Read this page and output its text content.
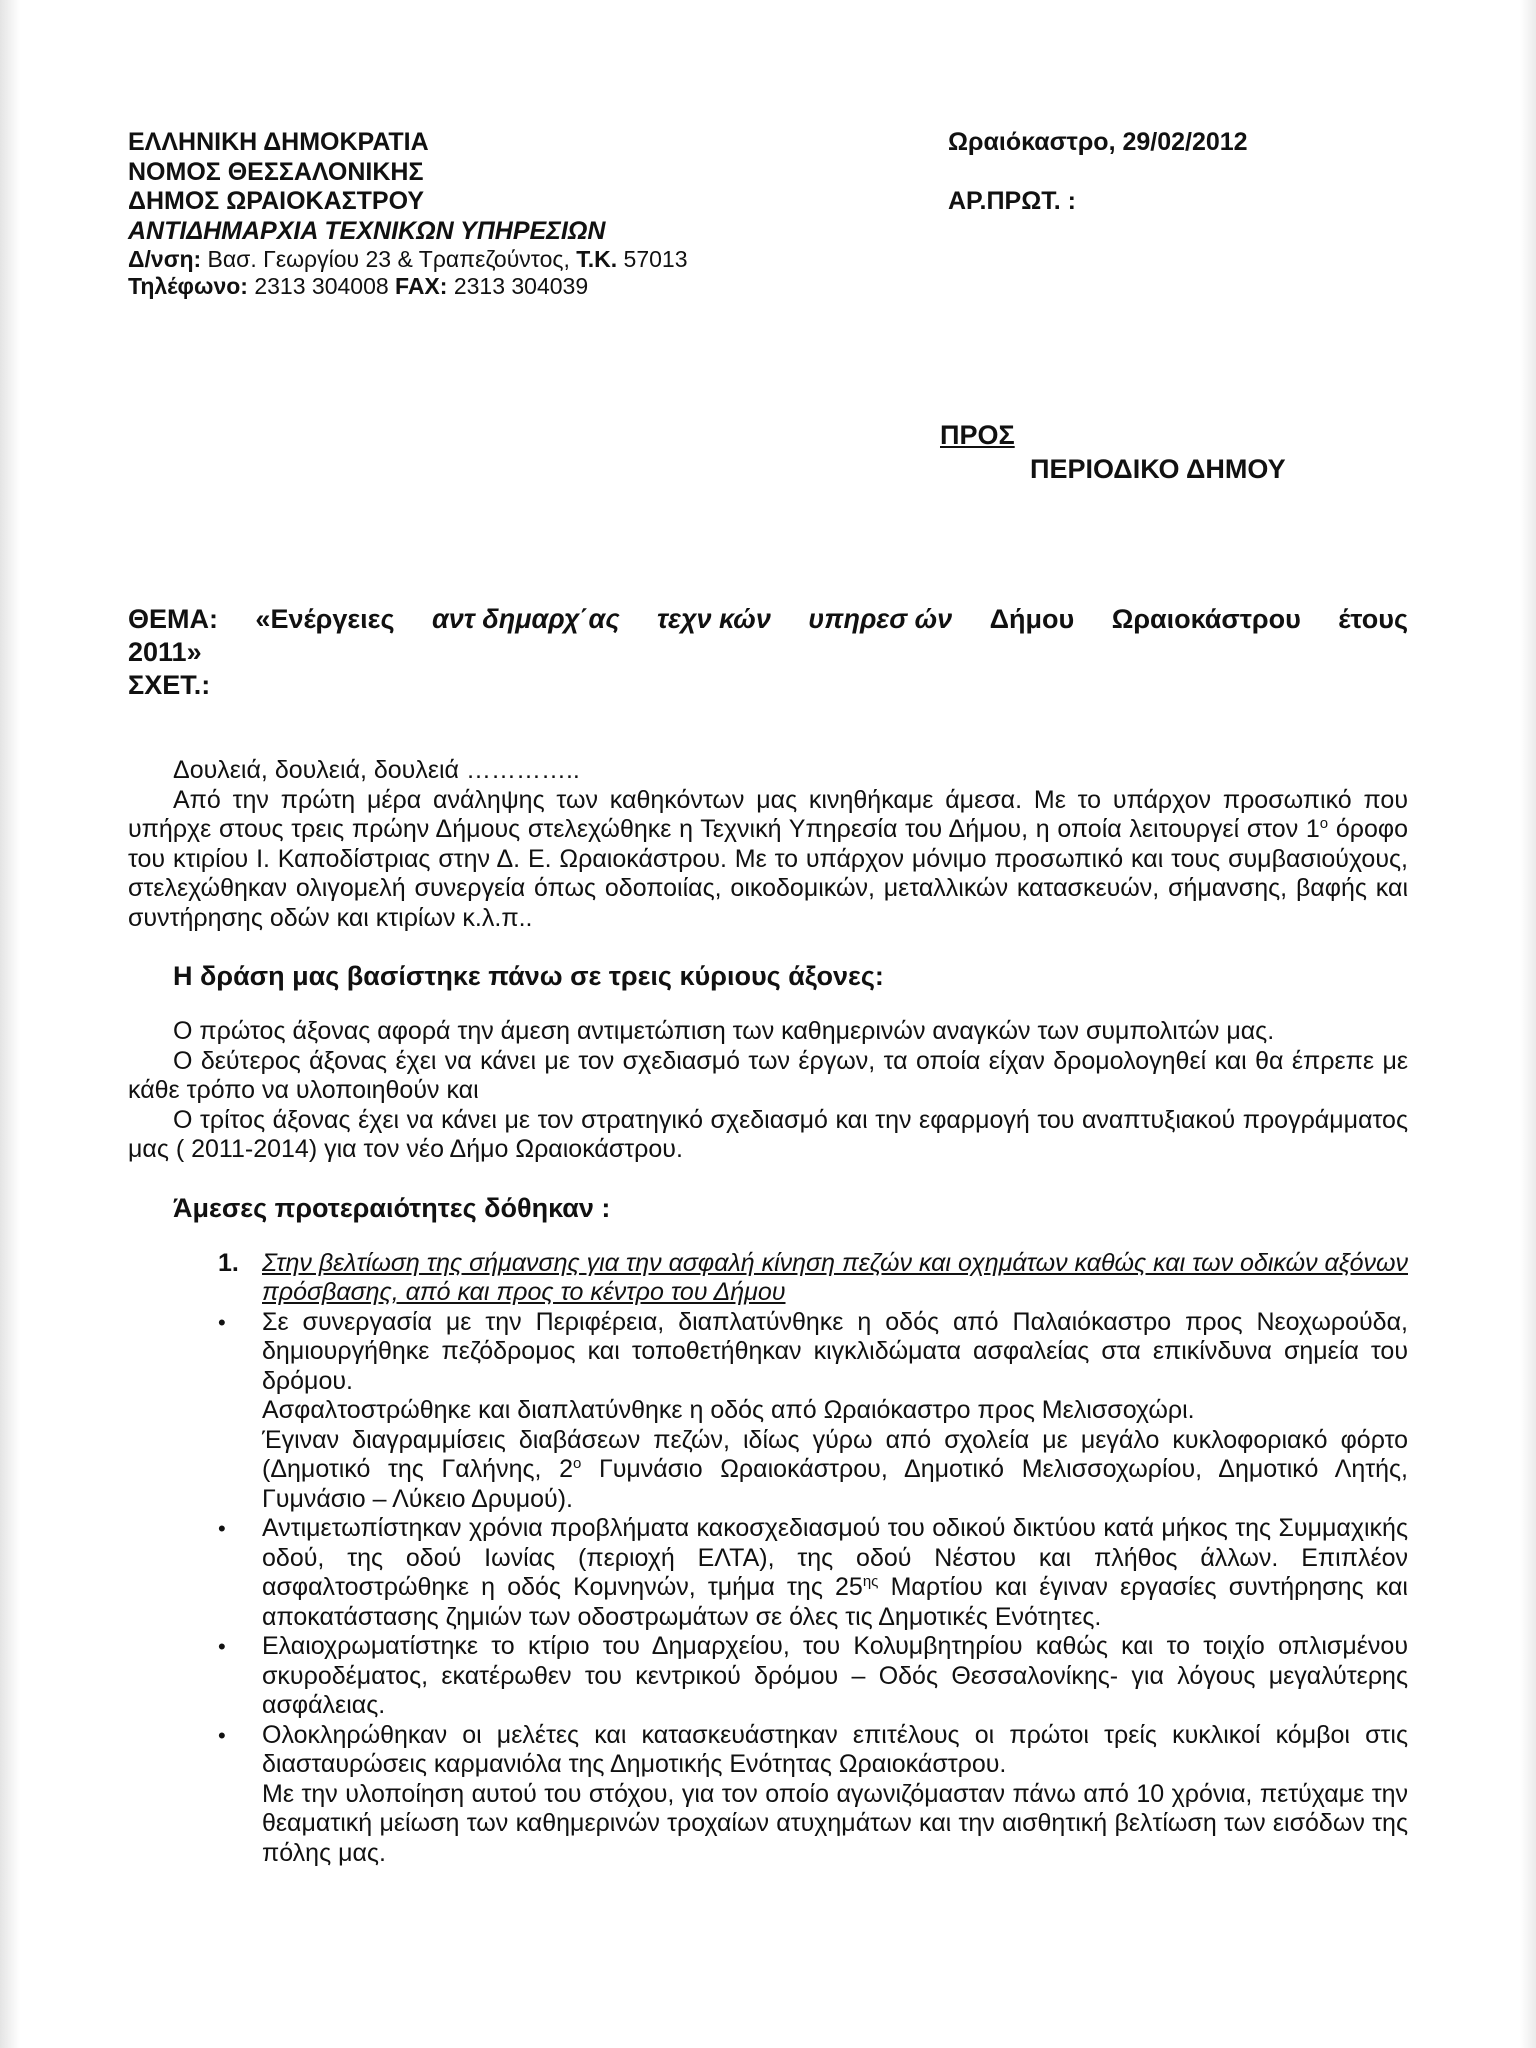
ΕΛΛΗΝΙΚΗ ΔΗΜΟΚΡΑΤΙΑ
ΝΟΜΟΣ ΘΕΣΣΑΛΟΝΙΚΗΣ
ΔΗΜΟΣ ΩΡΑΙΟΚΑΣΤΡΟΥ
ΑΝΤΙΔΗΜΑΡΧΙΑ ΤΕΧΝΙΚΩΝ ΥΠΗΡΕΣΙΩΝ
Δ/νση: Βασ. Γεωργίου 23 & Τραπεζούντος, Τ.Κ. 57013
Τηλέφωνο: 2313 304008 FAX: 2313 304039
Ωραιόκαστρο, 29/02/2012
ΑΡ.ΠΡΩΤ. :
ΠΡΟΣ
ΠΕΡΙΟΔΙΚΟ ΔΗΜΟΥ
ΘΕΜΑ: «Ενέργειες αντ δημαρχ΄ας τεχν κών υπηρεσ ών Δήμου Ωραιοκάστρου έτους
2011»
ΣΧΕΤ.:

Δουλειά, δουλειά, δουλειά …………..

Από την πρώτη μέρα ανάληψης των καθηκόντων μας κινηθήκαμε άμεσα. Με το υπάρχον προσωπικό που υπήρχε στους τρεις πρώην Δήμους στελεχώθηκε η Τεχνική Υπηρεσία του Δήμου, η οποία λειτουργεί στον $1^o$ όροφο του κτιρίου Ι. Καποδίστριας στην Δ. Ε. Ωραιοκάστρου. Με το υπάρχον μόνιμο προσωπικό και τους συμβασιούχους, στελεχώθηκαν ολιγομελή συνεργεία όπως οδοποιίας, οικοδομικών, μεταλλικών κατασκευών, σήμανσης, βαφής και συντήρησης οδών και κτιρίων κ.λ.π..

Η δράση μας βασίστηκε πάνω σε τρεις κύριους άξονες:

Ο πρώτος άξονας αφορά την άμεση αντιμετώπιση των καθημερινών αναγκών των συμπολιτών μας.

Ο δεύτερος άξονας έχει να κάνει με τον σχεδιασμό των έργων, τα οποία είχαν δρομολογηθεί και θα έπρεπε με κάθε τρόπο να υλοποιηθούν και

Ο τρίτος άξονας έχει να κάνει με τον στρατηγικό σχεδιασμό και την εφαρμογή του αναπτυξιακού προγράμματος μας ( 2011-2014) για τον νέο Δήμο Ωραιοκάστρου.

Άμεσες προτεραιότητες δόθηκαν :
1. Στην βελτίωση της σήμανσης για την ασφαλή κίνηση πεζών και οχημάτων καθώς και των οδικών αξόνων πρόσβασης, από και προς το κέντρο του Δήμου
• Σε συνεργασία με την Περιφέρεια, διαπλατύνθηκε η οδός από Παλαιόκαστρο προς Νεοχωρούδα, δημιουργήθηκε πεζόδρομος και τοποθετήθηκαν κιγκλιδώματα ασφαλείας στα επικίνδυνα σημεία του δρόμου.

Ασφαλτοστρώθηκε και διαπλατύνθηκε η οδός από Ωραιόκαστρο προς Μελισσοχώρι.

Έγιναν διαγραμμίσεις διαβάσεων πεζών, ιδίως γύρω από σχολεία με μεγάλο κυκλοφοριακό φόρτο (Δημοτικό της Γαλήνης, $2^o$ Γυμνάσιο Ωραιοκάστρου, Δημοτικό Μελισσοχωρίου, Δημοτικό Λητής, Γυμνάσιο – Λύκειο Δρυμού).

• Αντιμετωπίστηκαν χρόνια προβλήματα κακοσχεδιασμού του οδικού δικτύου κατά μήκος της Συμμαχικής οδού, της οδού Ιωνίας (περιοχή ΕΛΤΑ), της οδού Νέστου και πλήθος άλλων. Επιπλέον ασφαλτοστρώθηκε η οδός Κομνηνών, τμήμα της $25^{\eta\varsigma}$ Μαρτίου και έγιναν εργασίες συντήρησης και αποκατάστασης ζημιών των οδοστρωμάτων σε όλες τις Δημοτικές Ενότητες.

• Ελαιοχρωματίστηκε το κτίριο του Δημαρχείου, του Κολυμβητηρίου καθώς και το τοιχίο οπλισμένου σκυροδέματος, εκατέρωθεν του κεντρικού δρόμου – Οδός Θεσσαλονίκης- για λόγους μεγαλύτερης ασφάλειας.

• Ολοκληρώθηκαν οι μελέτες και κατασκευάστηκαν επιτέλους οι πρώτοι τρείς κυκλικοί κόμβοι στις διασταυρώσεις καρμανιόλα της Δημοτικής Ενότητας Ωραιοκάστρου.

Με την υλοποίηση αυτού του στόχου, για τον οποίο αγωνιζόμασταν πάνω από 10 χρόνια, πετύχαμε την θεαματική μείωση των καθημερινών τροχαίων ατυχημάτων και την αισθητική βελτίωση των εισόδων της πόλης μας.
